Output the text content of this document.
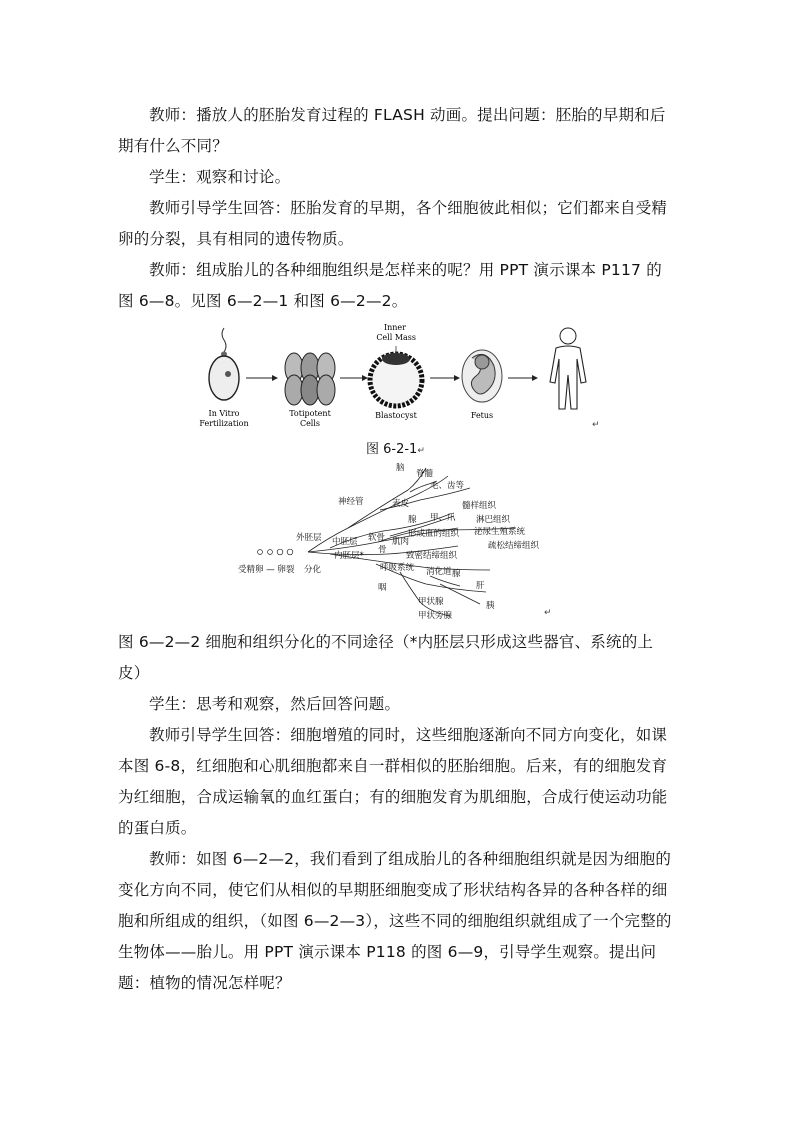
教师：播放人的胚胎发育过程的 FLASH 动画。提出问题：胚胎的早期和后期有什么不同？

学生：观察和讨论。

教师引导学生回答：胚胎发育的早期，各个细胞彼此相似；它们都来自受精卵的分裂，具有相同的遗传物质。

教师：组成胎儿的各种细胞组织是怎样来的呢？用 PPT 演示课本 P117 的图 6—8。见图 6—2—1 和图 6—2—2。

Inner
Cell Mass
In Vitro
Fertilization
Totipotent
Cells
Blastocyst	Fetus
↵
图 6-2-1↵
脑
脊髓
毛、齿等
神经管	表皮	髓样组织
腺 甲、爪 淋巴组织
泌尿生殖系统
外胚层	形成血的组织
疏松结缔组织
中胚层 软骨 肌肉
骨
内胚层*	致密结缔组织
受精卵 — 卵裂 分化	呼吸系统 消化道 腺
咽	肝
甲状腺	胰
甲状旁腺	↵

图 6—2—2 细胞和组织分化的不同途径（*内胚层只形成这些器官、系统的上皮）

学生：思考和观察，然后回答问题。

教师引导学生回答：细胞增殖的同时，这些细胞逐渐向不同方向变化，如课本图 6-8，红细胞和心肌细胞都来自一群相似的胚胎细胞。后来，有的细胞发育为红细胞，合成运输氧的血红蛋白；有的细胞发育为肌细胞，合成行使运动功能的蛋白质。

教师：如图 6—2—2，我们看到了组成胎儿的各种细胞组织就是因为细胞的变化方向不同，使它们从相似的早期胚细胞变成了形状结构各异的各种各样的细胞和所组成的组织，（如图 6—2—3），这些不同的细胞组织就组成了一个完整的生物体——胎儿。用 PPT 演示课本 P118 的图 6—9，引导学生观察。提出问题：植物的情况怎样呢？
